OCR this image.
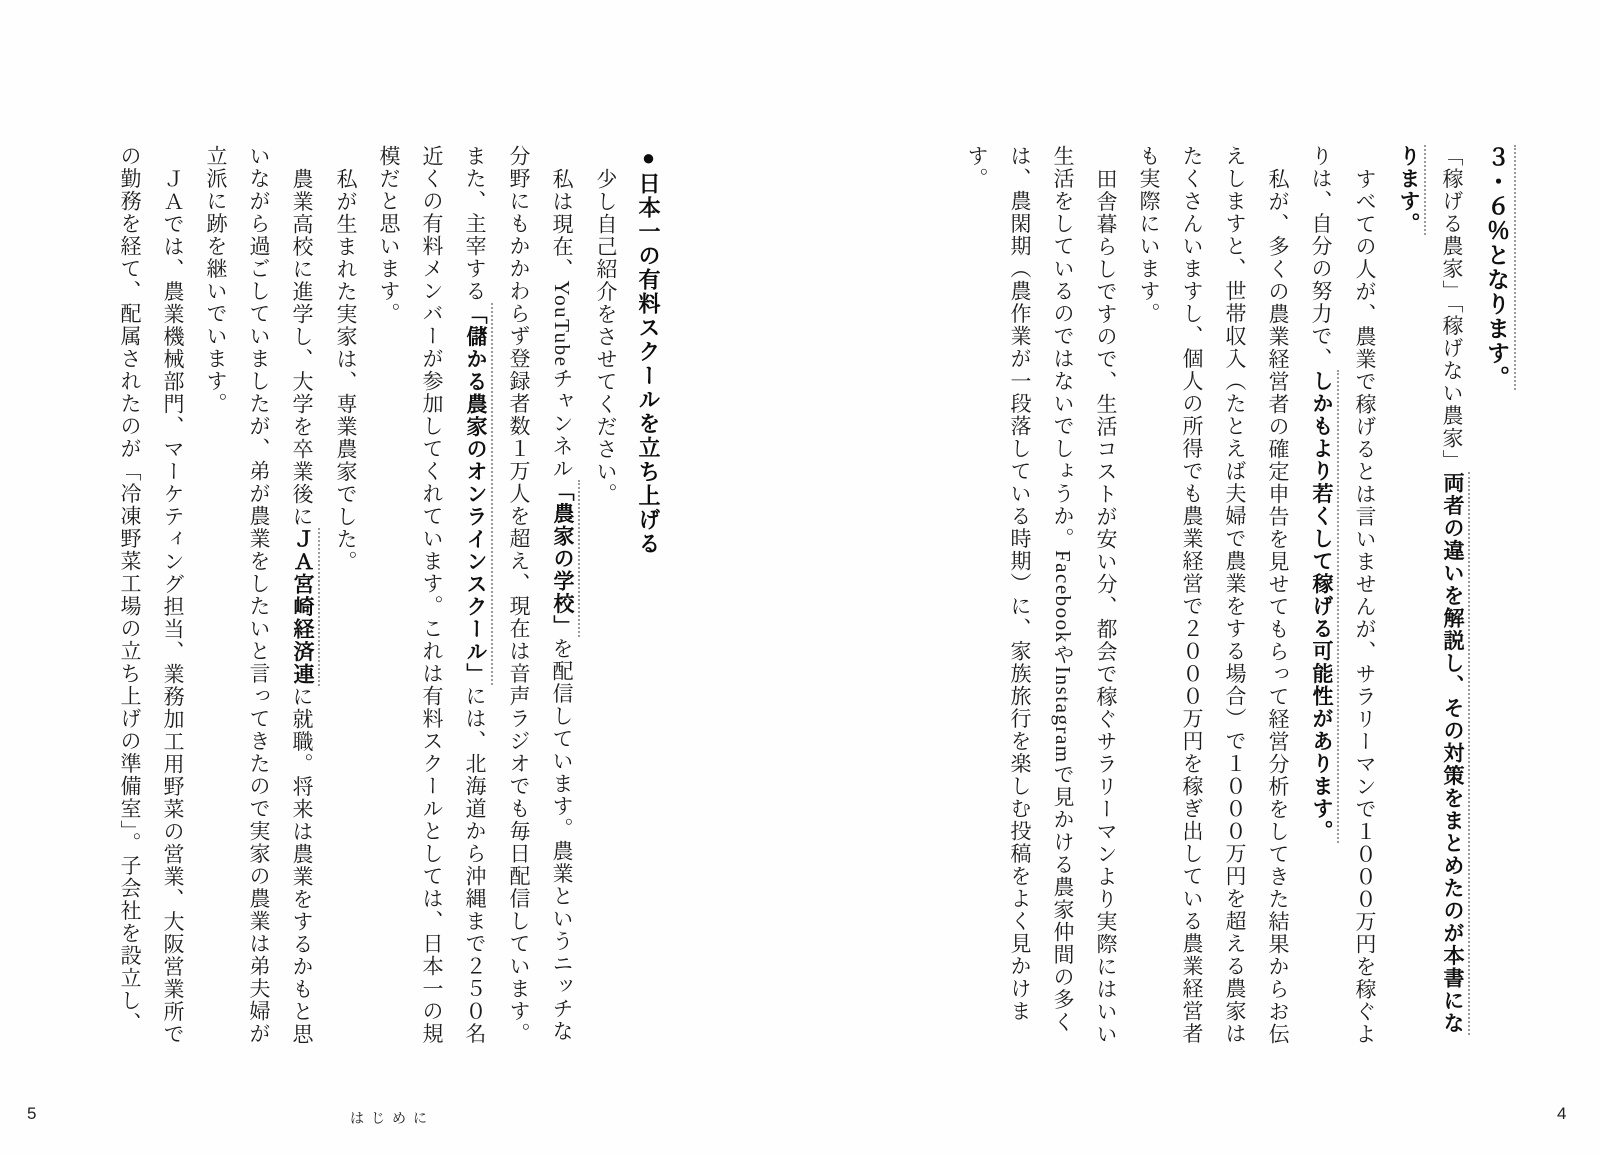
３・６％となります。

「稼げる農家」「稼げない農家」両者の違いを解説し、その対策をまとめたのが本書になります。

すべての人が、農業で稼げるとは言いませんが、サラリーマンで１０００万円を稼ぐよりは、自分の努力で、しかもより若くして稼げる可能性があります。

私が、多くの農業経営者の確定申告を見せてもらって経営分析をしてきた結果からお伝えしますと、世帯収入（たとえば夫婦で農業をする場合）で１０００万円を超える農家はたくさんいますし、個人の所得でも農業経営で２０００万円を稼ぎ出している農業経営者も実際にいます。

田舎暮らしですので、生活コストが安い分、都会で稼ぐサラリーマンより実際にはいい生活をしているのではないでしょうか。FacebookやInstagramで見かける農家仲間の多くは、農閑期（農作業が一段落している時期）に、家族旅行を楽しむ投稿をよく見かけます。

●日本一の有料スクールを立ち上げる

少し自己紹介をさせてください。

私は現在、YouTubeチャンネル「農家の学校」を配信しています。農業というニッチな分野にもかかわらず登録者数１万人を超え、現在は音声ラジオでも毎日配信しています。また、主宰する「儲かる農家のオンラインスクール」には、北海道から沖縄まで２５０名近くの有料メンバーが参加してくれています。これは有料スクールとしては、日本一の規模だと思います。

私が生まれた実家は、専業農家でした。

農業高校に進学し、大学を卒業後にＪＡ宮崎経済連に就職。将来は農業をするかもと思いながら過ごしていましたが、弟が農業をしたいと言ってきたので実家の農業は弟夫婦が立派に跡を継いでいます。

ＪＡでは、農業機械部門、マーケティング担当、業務加工用野菜の営業、大阪営業所での勤務を経て、配属されたのが「冷凍野菜工場の立ち上げの準備室」。子会社を設立し、

5	はじめに	4
